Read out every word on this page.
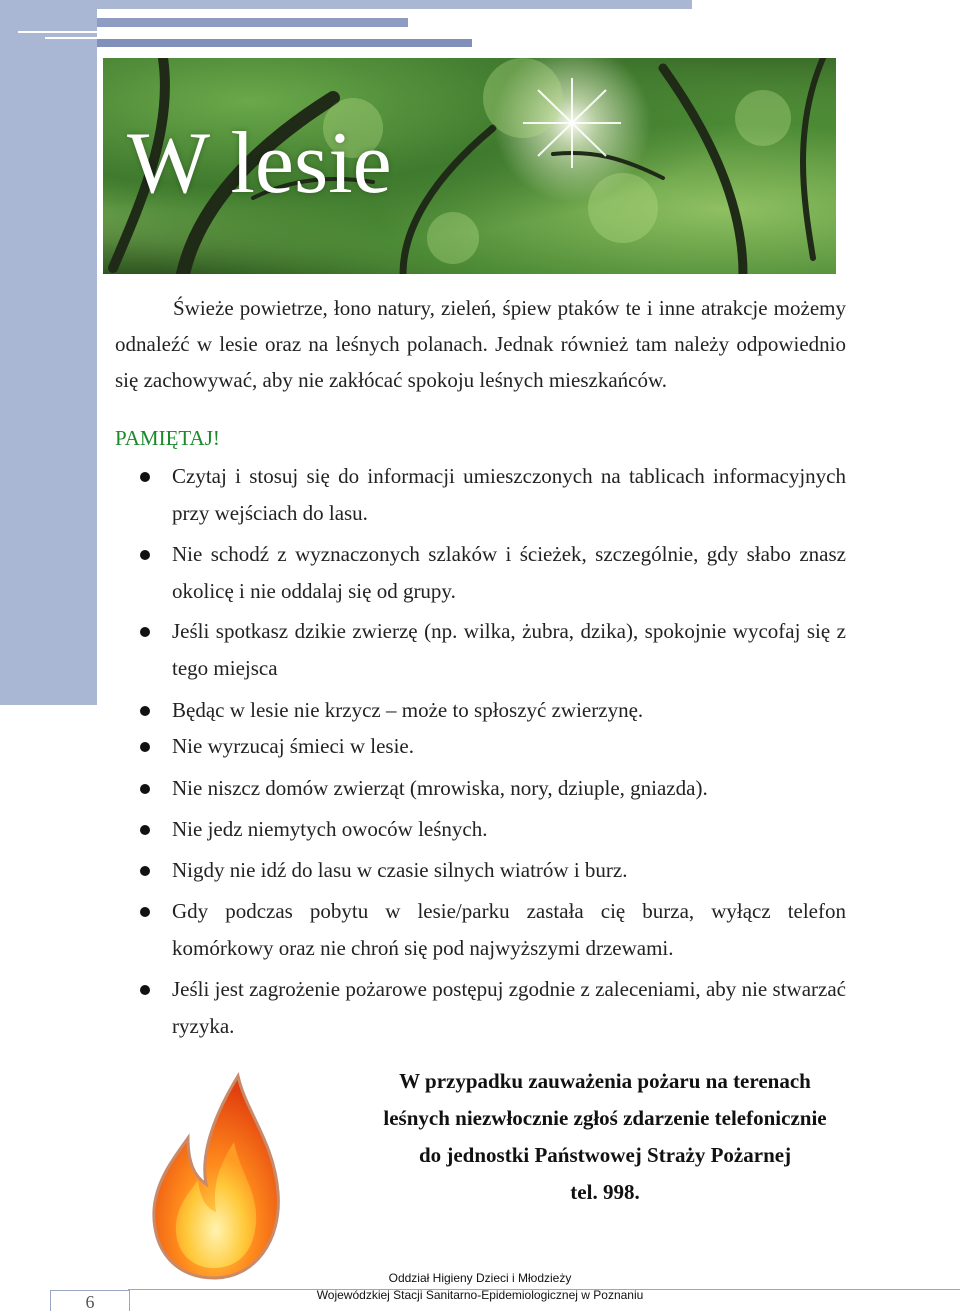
W lesie

Świeże powietrze, łono natury, zieleń, śpiew ptaków te i inne atrakcje możemy odnaleźć w lesie oraz na leśnych polanach. Jednak również tam należy odpowiednio się zachowywać, aby nie zakłócać spokoju leśnych mieszkańców.

PAMIĘTAJ!

Czytaj i stosuj się do informacji umieszczonych na tablicach informacyjnych przy wejściach do lasu.

Nie schodź z wyznaczonych szlaków i ścieżek, szczególnie, gdy słabo znasz okolicę i nie oddalaj się od grupy.

Jeśli spotkasz dzikie zwierzę (np. wilka, żubra, dzika), spokojnie wycofaj się z tego miejsca

Będąc w lesie nie krzycz – może to spłoszyć zwierzynę.

Nie wyrzucaj śmieci w lesie.

Nie niszcz domów zwierząt (mrowiska, nory, dziuple, gniazda).

Nie jedz niemytych owoców leśnych.

Nigdy nie idź do lasu w czasie silnych wiatrów i burz.

Gdy podczas pobytu w lesie/parku zastała cię burza, wyłącz telefon komórkowy oraz nie chroń się pod najwyższymi drzewami.

Jeśli jest zagrożenie pożarowe postępuj zgodnie z zaleceniami, aby nie stwarzać ryzyka.

W przypadku zauważenia pożaru na terenach
leśnych niezwłocznie zgłoś zdarzenie telefonicznie
do jednostki Państwowej Straży Pożarnej
tel. 998.
6
Oddział Higieny Dzieci i Młodzieży
Wojewódzkiej Stacji Sanitarno-Epidemiologicznej w Poznaniu
